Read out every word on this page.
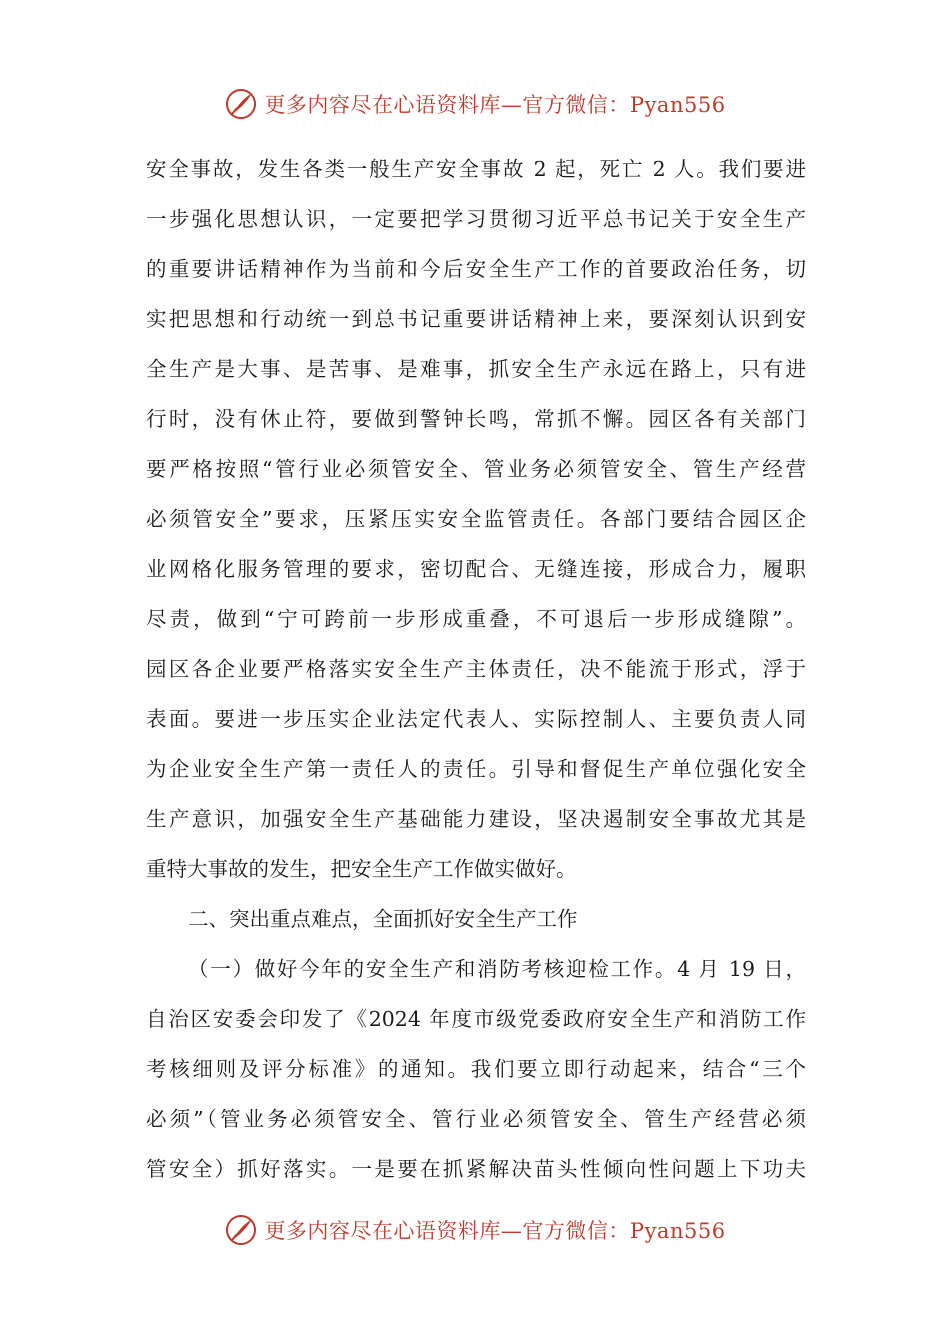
更多内容尽在心语资料库—官方微信：Pyan556
安全事故，发生各类一般生产安全事故 2 起，死亡 2 人。我们要进
一步强化思想认识，一定要把学习贯彻习近平总书记关于安全生产
的重要讲话精神作为当前和今后安全生产工作的首要政治任务，切
实把思想和行动统一到总书记重要讲话精神上来，要深刻认识到安
全生产是大事、是苦事、是难事，抓安全生产永远在路上，只有进
行时，没有休止符，要做到警钟长鸣，常抓不懈。园区各有关部门
要严格按照“管行业必须管安全、管业务必须管安全、管生产经营
必须管安全”要求，压紧压实安全监管责任。各部门要结合园区企
业网格化服务管理的要求，密切配合、无缝连接，形成合力，履职
尽责，做到“宁可跨前一步形成重叠，不可退后一步形成缝隙”。
园区各企业要严格落实安全生产主体责任，决不能流于形式，浮于
表面。要进一步压实企业法定代表人、实际控制人、主要负责人同
为企业安全生产第一责任人的责任。引导和督促生产单位强化安全
生产意识，加强安全生产基础能力建设，坚决遏制安全事故尤其是
重特大事故的发生，把安全生产工作做实做好。
二、突出重点难点，全面抓好安全生产工作
（一）做好今年的安全生产和消防考核迎检工作。4 月 19 日，
自治区安委会印发了《2024 年度市级党委政府安全生产和消防工作
考核细则及评分标准》的通知。我们要立即行动起来，结合“三个
必须”（管业务必须管安全、管行业必须管安全、管生产经营必须
管安全）抓好落实。一是要在抓紧解决苗头性倾向性问题上下功夫
更多内容尽在心语资料库—官方微信：Pyan556
